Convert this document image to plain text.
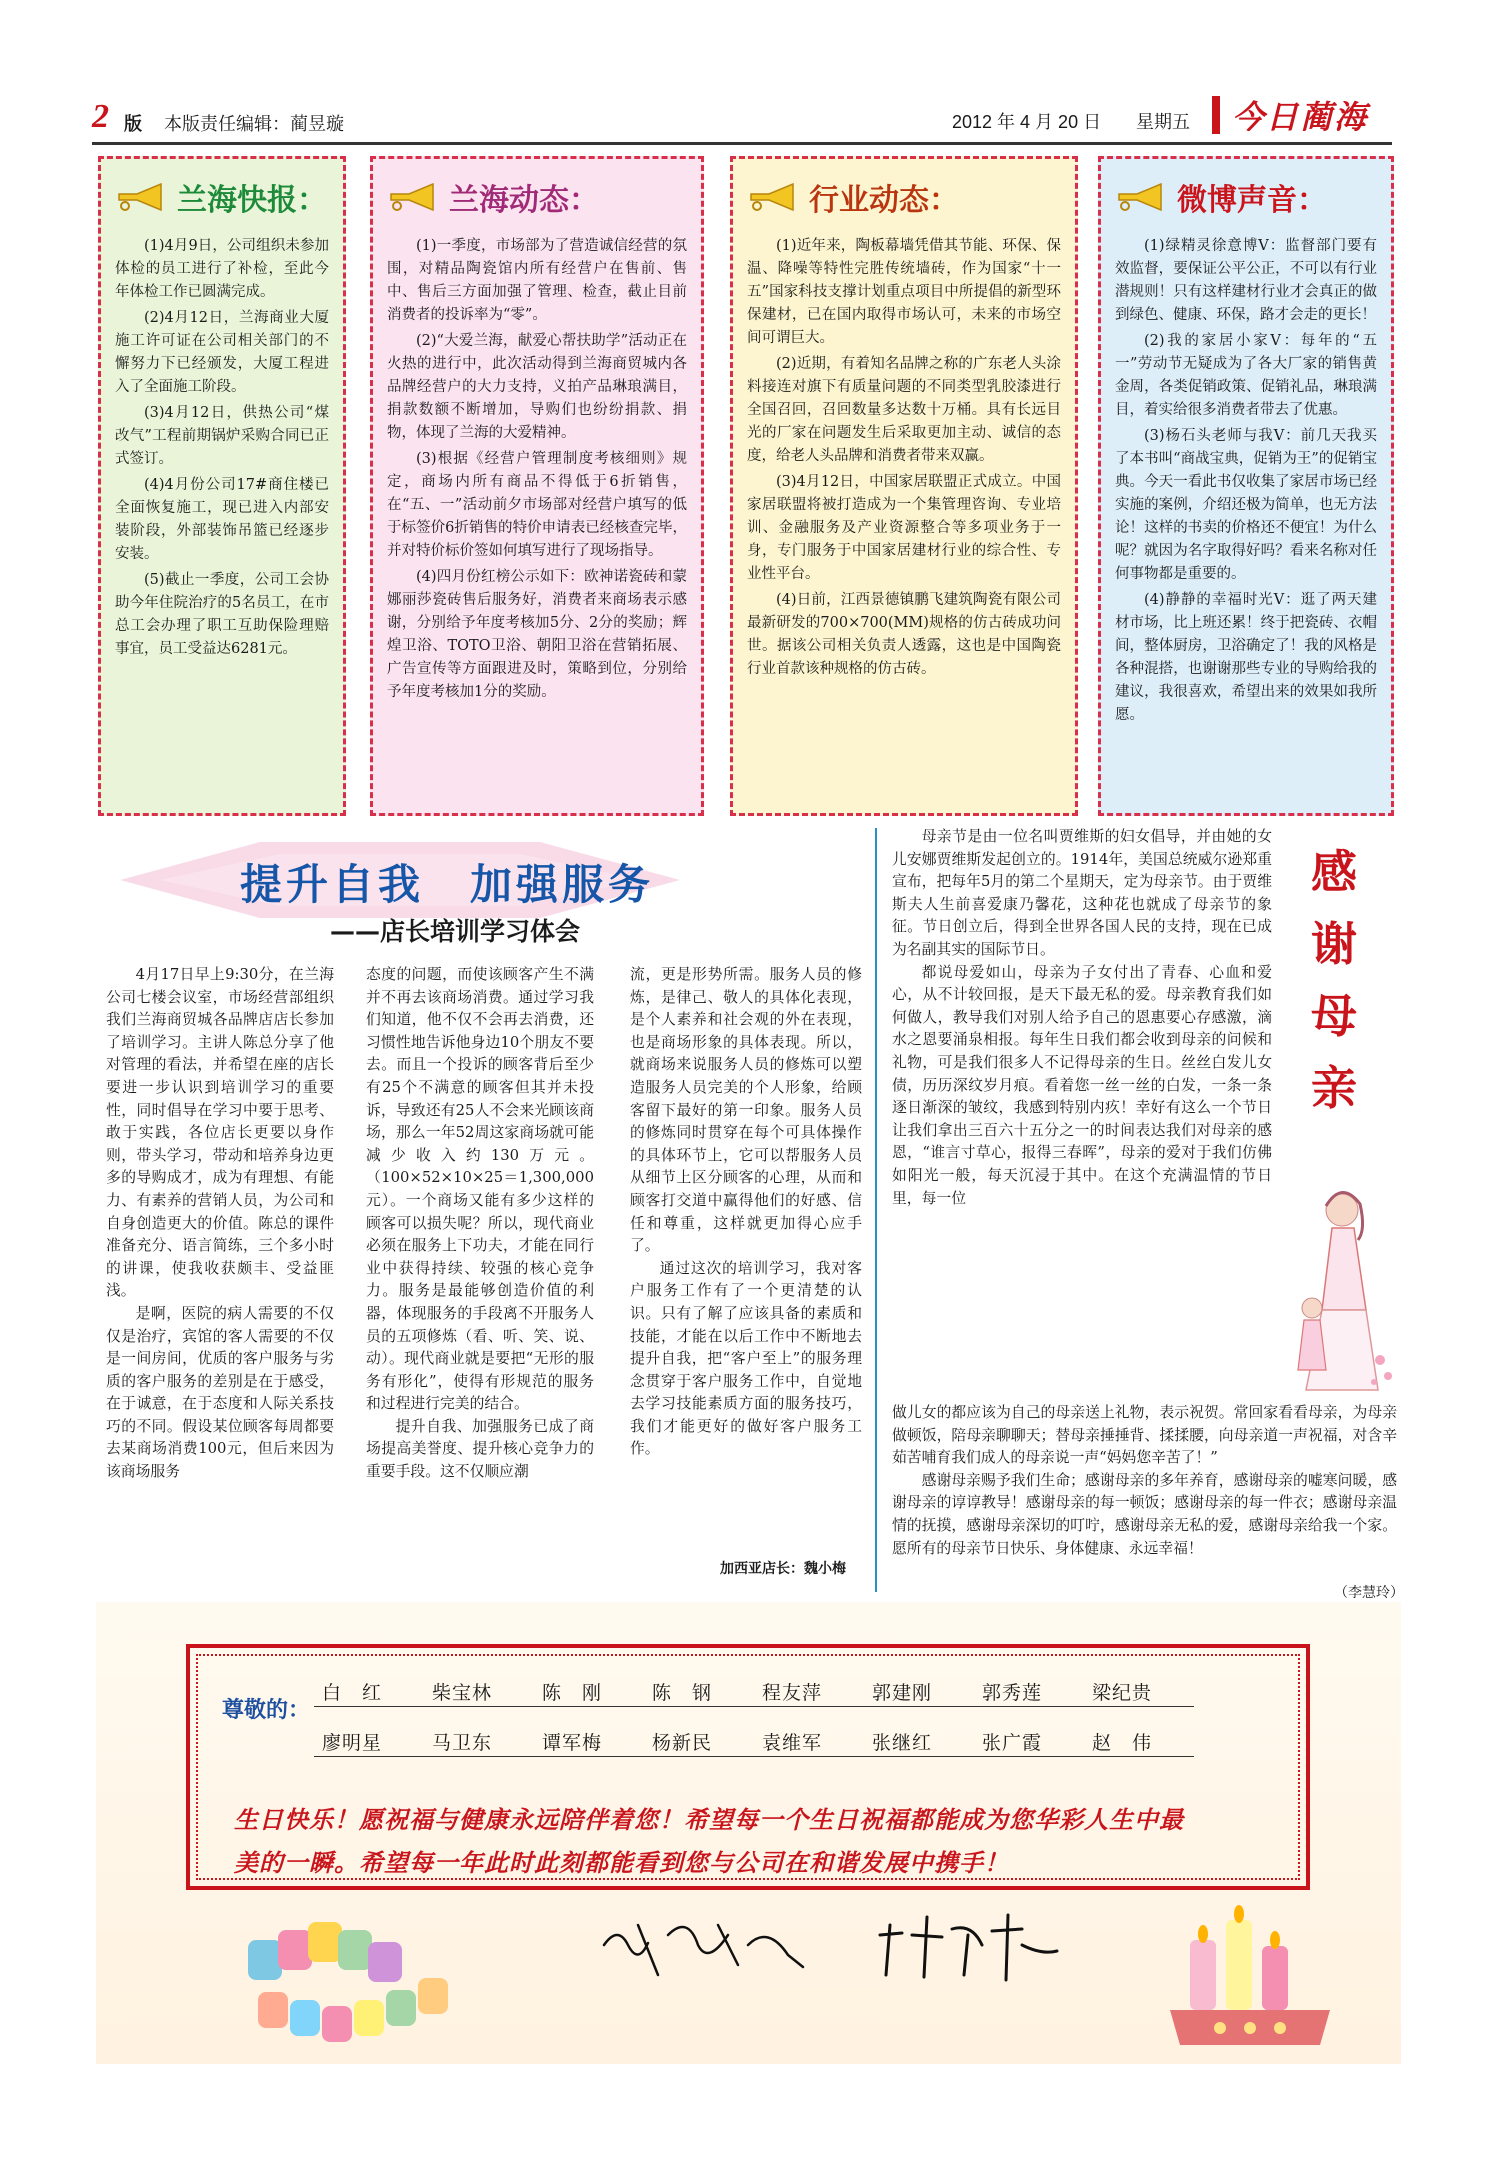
2 版 本版责任编辑：蔺昱璇	2012 年 4 月 20 日 星期五 今日蔺海
兰海快报：

(1)4月9日，公司组织未参加体检的员工进行了补检，至此今年体检工作已圆满完成。

(2)4月12日，兰海商业大厦施工许可证在公司相关部门的不懈努力下已经颁发，大厦工程进入了全面施工阶段。

(3)4月12日，供热公司“煤改气”工程前期锅炉采购合同已正式签订。

(4)4月份公司17#商住楼已全面恢复施工，现已进入内部安装阶段，外部装饰吊篮已经逐步安装。

(5)截止一季度，公司工会协助今年住院治疗的5名员工，在市总工会办理了职工互助保险理赔事宜，员工受益达6281元。

兰海动态：

(1)一季度，市场部为了营造诚信经营的氛围，对精品陶瓷馆内所有经营户在售前、售中、售后三方面加强了管理、检查，截止目前消费者的投诉率为“零”。

(2)“大爱兰海，献爱心帮扶助学”活动正在火热的进行中，此次活动得到兰海商贸城内各品牌经营户的大力支持，义拍产品琳琅满目，捐款数额不断增加，导购们也纷纷捐款、捐物，体现了兰海的大爱精神。

(3)根据《经营户管理制度考核细则》规定，商场内所有商品不得低于6折销售，在“五、一”活动前夕市场部对经营户填写的低于标签价6折销售的特价申请表已经核查完毕，并对特价标价签如何填写进行了现场指导。

(4)四月份红榜公示如下：欧神诺瓷砖和蒙娜丽莎瓷砖售后服务好，消费者来商场表示感谢，分别给予年度考核加5分、2分的奖励；辉煌卫浴、TOTO卫浴、朝阳卫浴在营销拓展、广告宣传等方面跟进及时，策略到位，分别给予年度考核加1分的奖励。

行业动态：

(1)近年来，陶板幕墙凭借其节能、环保、保温、降噪等特性完胜传统墙砖，作为国家“十一五”国家科技支撑计划重点项目中所提倡的新型环保建材，已在国内取得市场认可，未来的市场空间可谓巨大。

(2)近期，有着知名品牌之称的广东老人头涂料接连对旗下有质量问题的不同类型乳胶漆进行全国召回，召回数量多达数十万桶。具有长远目光的厂家在问题发生后采取更加主动、诚信的态度，给老人头品牌和消费者带来双赢。

(3)4月12日，中国家居联盟正式成立。中国家居联盟将被打造成为一个集管理咨询、专业培训、金融服务及产业资源整合等多项业务于一身，专门服务于中国家居建材行业的综合性、专业性平台。

(4)日前，江西景德镇鹏飞建筑陶瓷有限公司最新研发的700×700(MM)规格的仿古砖成功问世。据该公司相关负责人透露，这也是中国陶瓷行业首款该种规格的仿古砖。

微博声音：

(1)绿精灵徐意博V：监督部门要有效监督，要保证公平公正，不可以有行业潜规则！只有这样建材行业才会真正的做到绿色、健康、环保，路才会走的更长！

(2)我的家居小家V：每年的“五一”劳动节无疑成为了各大厂家的销售黄金周，各类促销政策、促销礼品，琳琅满目，着实给很多消费者带去了优惠。

(3)杨石头老师与我V：前几天我买了本书叫“商战宝典，促销为王”的促销宝典。今天一看此书仅收集了家居市场已经实施的案例，介绍还极为简单，也无方法论！这样的书卖的价格还不便宜！为什么呢？就因为名字取得好吗？看来名称对任何事物都是重要的。

(4)静静的幸福时光V：逛了两天建材市场，比上班还累！终于把瓷砖、衣帽间，整体厨房，卫浴确定了！我的风格是各种混搭，也谢谢那些专业的导购给我的建议，我很喜欢，希望出来的效果如我所愿。

提升自我　加强服务
——店长培训学习体会

4月17日早上9:30分，在兰海公司七楼会议室，市场经营部组织我们兰海商贸城各品牌店店长参加了培训学习。主讲人陈总分享了他对管理的看法，并希望在座的店长要进一步认识到培训学习的重要性，同时倡导在学习中要于思考、敢于实践，各位店长更要以身作则，带头学习，带动和培养身边更多的导购成才，成为有理想、有能力、有素养的营销人员，为公司和自身创造更大的价值。陈总的课件准备充分、语言简练，三个多小时的讲课，使我收获颇丰、受益匪浅。

是啊，医院的病人需要的不仅仅是治疗，宾馆的客人需要的不仅是一间房间，优质的客户服务与劣质的客户服务的差别是在于感受，在于诚意，在于态度和人际关系技巧的不同。假设某位顾客每周都要去某商场消费100元，但后来因为该商场服务

态度的问题，而使该顾客产生不满并不再去该商场消费。通过学习我们知道，他不仅不会再去消费，还习惯性地告诉他身边10个朋友不要去。而且一个投诉的顾客背后至少有25个不满意的顾客但其并未投诉，导致还有25人不会来光顾该商场，那么一年52周这家商场就可能减少收入约130万元。（100×52×10×25＝1,300,000元）。一个商场又能有多少这样的顾客可以损失呢？所以，现代商业必须在服务上下功夫，才能在同行业中获得持续、较强的核心竞争力。服务是最能够创造价值的利器，体现服务的手段离不开服务人员的五项修炼（看、听、笑、说、动）。现代商业就是要把“无形的服务有形化”，使得有形规范的服务和过程进行完美的结合。

提升自我、加强服务已成了商场提高美誉度、提升核心竞争力的重要手段。这不仅顺应潮

流，更是形势所需。服务人员的修炼，是律己、敬人的具体化表现，是个人素养和社会观的外在表现，也是商场形象的具体表现。所以，就商场来说服务人员的修炼可以塑造服务人员完美的个人形象，给顾客留下最好的第一印象。服务人员的修炼同时贯穿在每个可具体操作的具体环节上，它可以帮服务人员从细节上区分顾客的心理，从而和顾客打交道中赢得他们的好感、信任和尊重，这样就更加得心应手了。

通过这次的培训学习，我对客户服务工作有了一个更清楚的认识。只有了解了应该具备的素质和技能，才能在以后工作中不断地去提升自我，把“客户至上”的服务理念贯穿于客户服务工作中，自觉地去学习技能素质方面的服务技巧，我们才能更好的做好客户服务工作。

加西亚店长：魏小梅

母亲节是由一位名叫贾维斯的妇女倡导，并由她的女儿安娜贾维斯发起创立的。1914年，美国总统威尔逊郑重宣布，把每年5月的第二个星期天，定为母亲节。由于贾维斯夫人生前喜爱康乃馨花，这种花也就成了母亲节的象征。节日创立后，得到全世界各国人民的支持，现在已成为名副其实的国际节日。

都说母爱如山，母亲为子女付出了青春、心血和爱心，从不计较回报，是天下最无私的爱。母亲教育我们如何做人，教导我们对别人给予自己的恩惠要心存感激，滴水之恩要涌泉相报。每年生日我们都会收到母亲的问候和礼物，可是我们很多人不记得母亲的生日。丝丝白发儿女债，历历深纹岁月痕。看着您一丝一丝的白发，一条一条逐日渐深的皱纹，我感到特别内疚！幸好有这么一个节日让我们拿出三百六十五分之一的时间表达我们对母亲的感恩，“谁言寸草心，报得三春晖”，母亲的爱对于我们仿佛如阳光一般，每天沉浸于其中。在这个充满温情的节日里，每一位

做儿女的都应该为自己的母亲送上礼物，表示祝贺。常回家看看母亲，为母亲做顿饭，陪母亲聊聊天；替母亲捶捶背、揉揉腰，向母亲道一声祝福，对含辛茹苦哺育我们成人的母亲说一声“妈妈您辛苦了！”

感谢母亲赐予我们生命；感谢母亲的多年养育，感谢母亲的嘘寒问暖，感谢母亲的谆谆教导！感谢母亲的每一顿饭；感谢母亲的每一件衣；感谢母亲温情的抚摸，感谢母亲深切的叮咛，感谢母亲无私的爱，感谢母亲给我一个家。愿所有的母亲节日快乐、身体健康、永远幸福！

（李慧玲）
感
谢
母
亲
尊敬的：
白　红	柴宝林	陈　刚	陈　钢	程友萍	郭建刚	郭秀莲	梁纪贵
廖明星	马卫东	谭军梅	杨新民	袁维军	张继红	张广霞	赵　伟
生日快乐！愿祝福与健康永远陪伴着您！希望每一个生日祝福都能成为您华彩人生中最
美的一瞬。希望每一年此时此刻都能看到您与公司在和谐发展中携手！
